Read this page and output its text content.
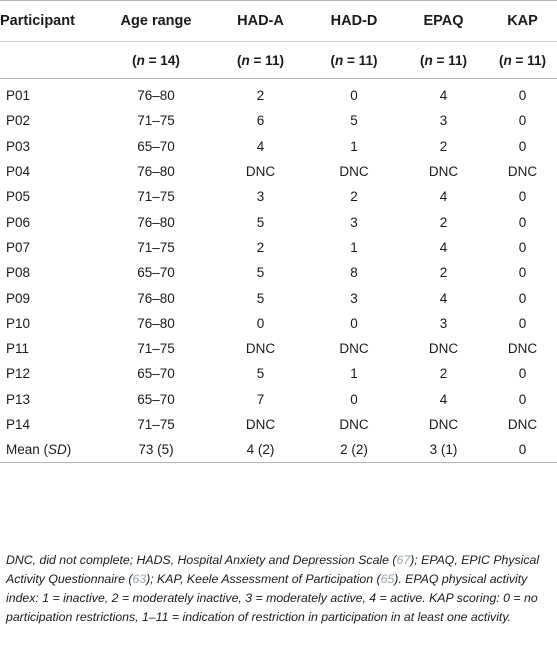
Participant	Age range	HAD-A	HAD-D	EPAQ	KAP
	(n = 14)	(n = 11)	(n = 11)	(n = 11)	(n = 11)
P01	76–80	2	0	4	0
P02	71–75	6	5	3	0
P03	65–70	4	1	2	0
P04	76–80	DNC	DNC	DNC	DNC
P05	71–75	3	2	4	0
P06	76–80	5	3	2	0
P07	71–75	2	1	4	0
P08	65–70	5	8	2	0
P09	76–80	5	3	4	0
P10	76–80	0	0	3	0
P11	71–75	DNC	DNC	DNC	DNC
P12	65–70	5	1	2	0
P13	65–70	7	0	4	0
P14	71–75	DNC	DNC	DNC	DNC
Mean (SD)	73 (5)	4 (2)	2 (2)	3 (1)	0
DNC, did not complete; HADS, Hospital Anxiety and Depression Scale (67); EPAQ, EPIC Physical Activity Questionnaire (63); KAP, Keele Assessment of Participation (65). EPAQ physical activity index: 1 = inactive, 2 = moderately inactive, 3 = moderately active, 4 = active. KAP scoring: 0 = no participation restrictions, 1–11 = indication of restriction in participation in at least one activity.
